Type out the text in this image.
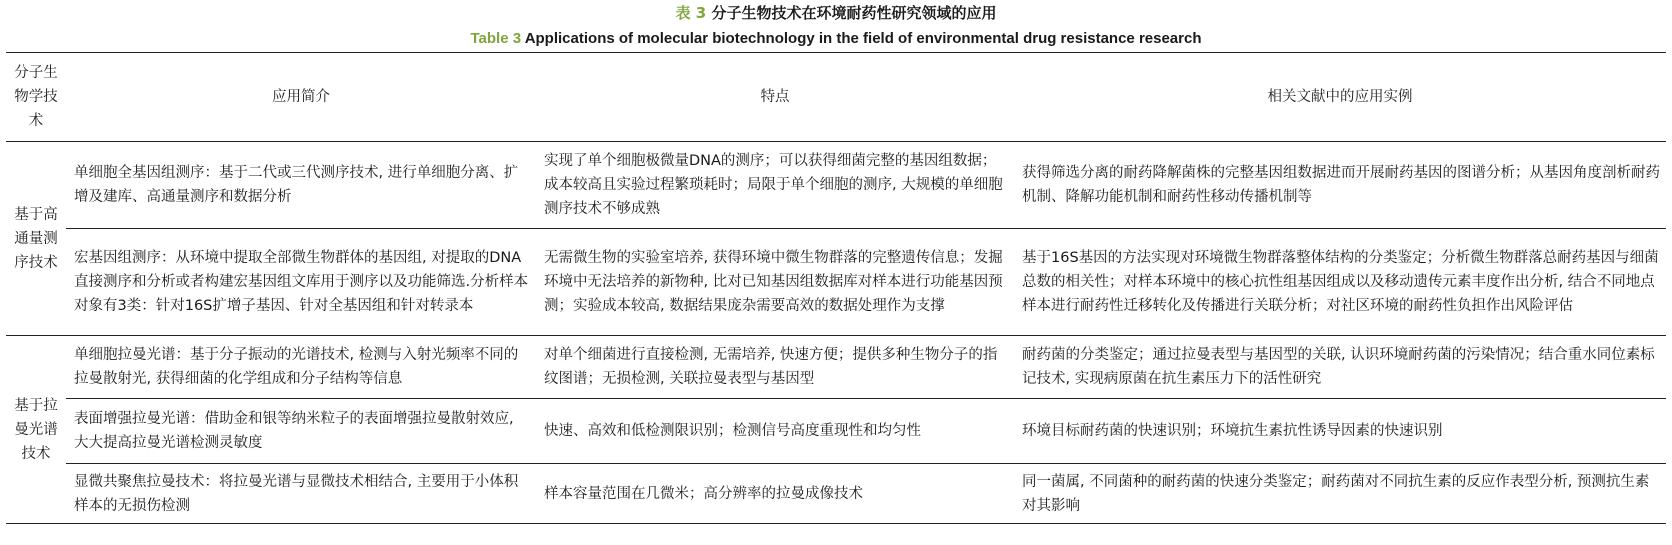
表 3 分子生物技术在环境耐药性研究领域的应用
Table 3 Applications of molecular biotechnology in the field of environmental drug resistance research
分子生物学技术	应用简介	特点	相关文献中的应用实例
基于高通量测序技术	单细胞全基因组测序：基于二代或三代测序技术, 进行单细胞分离、扩增及建库、高通量测序和数据分析	实现了单个细胞极微量DNA的测序；可以获得细菌完整的基因组数据；成本较高且实验过程繁琐耗时；局限于单个细胞的测序, 大规模的单细胞测序技术不够成熟	获得筛选分离的耐药降解菌株的完整基因组数据进而开展耐药基因的图谱分析；从基因角度剖析耐药机制、降解功能机制和耐药性移动传播机制等
	宏基因组测序：从环境中提取全部微生物群体的基因组, 对提取的DNA直接测序和分析或者构建宏基因组文库用于测序以及功能筛选.分析样本对象有3类：针对16S扩增子基因、针对全基因组和针对转录本	无需微生物的实验室培养, 获得环境中微生物群落的完整遗传信息；发掘环境中无法培养的新物种, 比对已知基因组数据库对样本进行功能基因预测；实验成本较高, 数据结果庞杂需要高效的数据处理作为支撑	基于16S基因的方法实现对环境微生物群落整体结构的分类鉴定；分析微生物群落总耐药基因与细菌总数的相关性；对样本环境中的核心抗性组基因组成以及移动遗传元素丰度作出分析, 结合不同地点样本进行耐药性迁移转化及传播进行关联分析；对社区环境的耐药性负担作出风险评估
基于拉曼光谱技术	单细胞拉曼光谱：基于分子振动的光谱技术, 检测与入射光频率不同的拉曼散射光, 获得细菌的化学组成和分子结构等信息	对单个细菌进行直接检测, 无需培养, 快速方便；提供多种生物分子的指纹图谱；无损检测, 关联拉曼表型与基因型	耐药菌的分类鉴定；通过拉曼表型与基因型的关联, 认识环境耐药菌的污染情况；结合重水同位素标记技术, 实现病原菌在抗生素压力下的活性研究
	表面增强拉曼光谱：借助金和银等纳米粒子的表面增强拉曼散射效应, 大大提高拉曼光谱检测灵敏度	快速、高效和低检测限识别；检测信号高度重现性和均匀性	环境目标耐药菌的快速识别；环境抗生素抗性诱导因素的快速识别
	显微共聚焦拉曼技术：将拉曼光谱与显微技术相结合, 主要用于小体积样本的无损伤检测	样本容量范围在几微米；高分辨率的拉曼成像技术	同一菌属, 不同菌种的耐药菌的快速分类鉴定；耐药菌对不同抗生素的反应作表型分析, 预测抗生素对其影响
